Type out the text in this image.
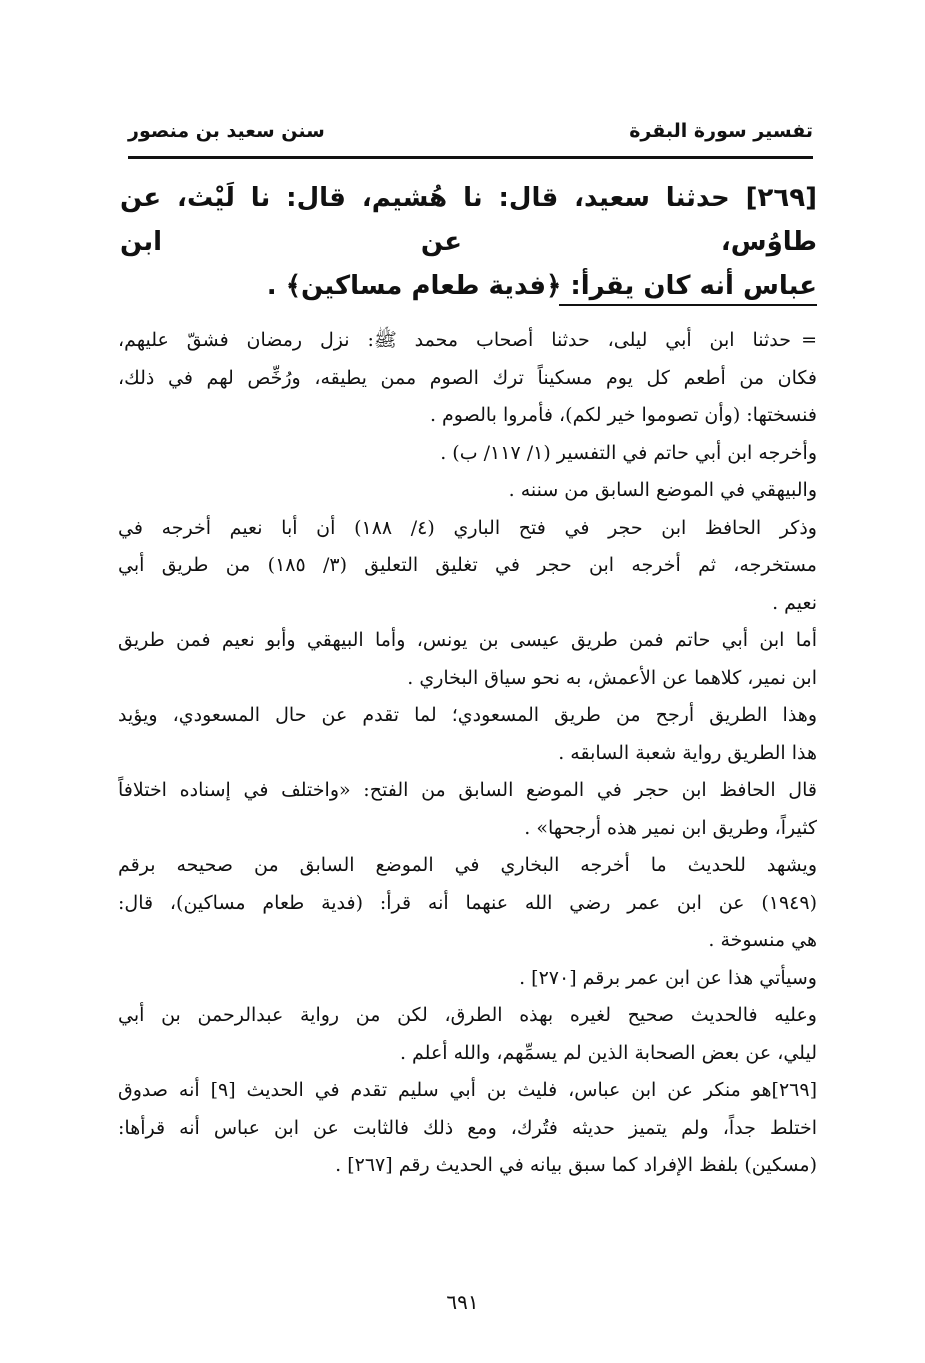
تفسير سورة البقرة
سنن سعيد بن منصور
[٢٦٩] حدثنا سعيد، قال: نا هُشيم، قال: نا لَيْث، عن طاوُس، عن ابن
عباس أنه كان يقرأ: ﴿فدية طعام مساكين﴾ .
=حدثنا ابن أبي ليلى، حدثنا أصحاب محمد ﷺ: نزل رمضان فشقّ عليهم،
فكان من أطعم كل يوم مسكيناً ترك الصوم ممن يطيقه، ورُخِّص لهم في ذلك،
فنسختها: (وأن تصوموا خير لكم)، فأمروا بالصوم .
وأخرجه ابن أبي حاتم في التفسير (١/ ١١٧/ ب) .
والبيهقي في الموضع السابق من سننه .
وذكر الحافظ ابن حجر في فتح الباري (٤/ ١٨٨) أن أبا نعيم أخرجه في
مستخرجه، ثم أخرجه ابن حجر في تغليق التعليق (٣/ ١٨٥) من طريق أبي
نعيم .
أما ابن أبي حاتم فمن طريق عيسى بن يونس، وأما البيهقي وأبو نعيم فمن طريق
ابن نمير، كلاهما عن الأعمش، به نحو سياق البخاري .
وهذا الطريق أرجح من طريق المسعودي؛ لما تقدم عن حال المسعودي، ويؤيد
هذا الطريق رواية شعبة السابقه .
قال الحافظ ابن حجر في الموضع السابق من الفتح: «واختلف في إسناده اختلافاً
كثيراً، وطريق ابن نمير هذه أرجحها» .
ويشهد للحديث ما أخرجه البخاري في الموضع السابق من صحيحه برقم
(١٩٤٩) عن ابن عمر رضي الله عنهما أنه قرأ: (فدية طعام مساكين)، قال:
هي منسوخة .
وسيأتي هذا عن ابن عمر برقم [٢٧٠] .
وعليه فالحديث صحيح لغيره بهذه الطرق، لكن من رواية عبدالرحمن بن أبي
ليلي، عن بعض الصحابة الذين لم يسمِّهم، والله أعلم .
[٢٦٩]هو منكر عن ابن عباس، فليث بن أبي سليم تقدم في الحديث [٩] أنه صدوق
اختلط جداً، ولم يتميز حديثه فتُرك، ومع ذلك فالثابت عن ابن عباس أنه قرأها:
(مسكين) بلفظ الإفراد كما سبق بيانه في الحديث رقم [٢٦٧] .
٦٩١
